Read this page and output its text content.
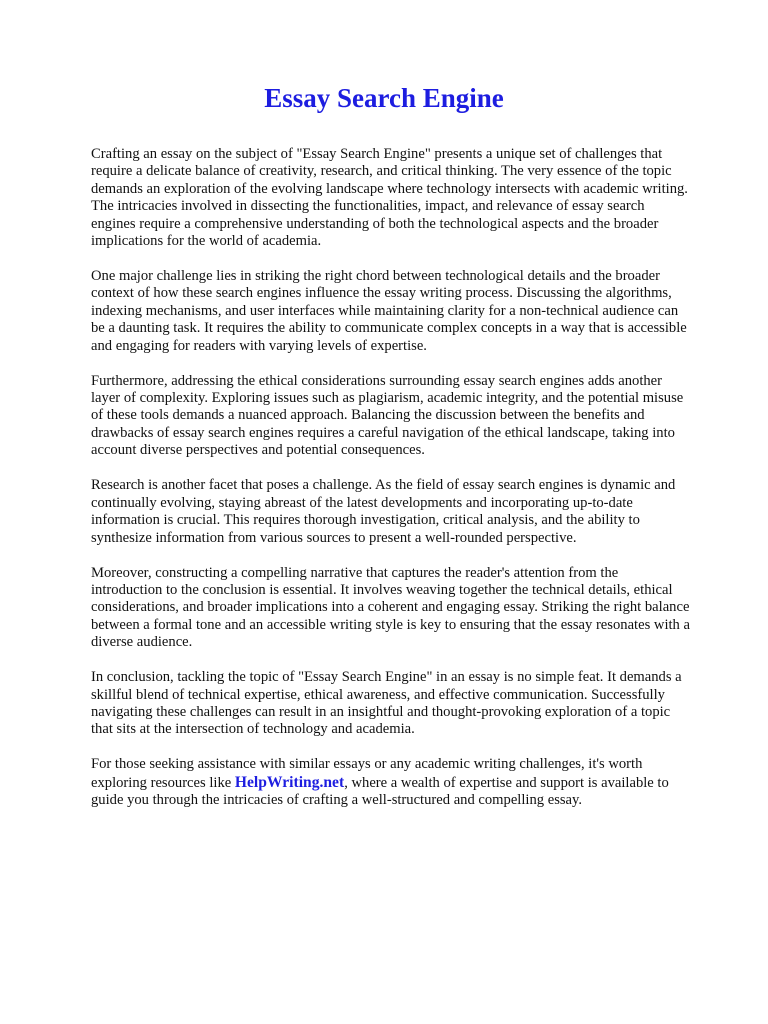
Essay Search Engine

Crafting an essay on the subject of "Essay Search Engine" presents a unique set of challenges that require a delicate balance of creativity, research, and critical thinking. The very essence of the topic demands an exploration of the evolving landscape where technology intersects with academic writing. The intricacies involved in dissecting the functionalities, impact, and relevance of essay search engines require a comprehensive understanding of both the technological aspects and the broader implications for the world of academia.

One major challenge lies in striking the right chord between technological details and the broader context of how these search engines influence the essay writing process. Discussing the algorithms, indexing mechanisms, and user interfaces while maintaining clarity for a non-technical audience can be a daunting task. It requires the ability to communicate complex concepts in a way that is accessible and engaging for readers with varying levels of expertise.

Furthermore, addressing the ethical considerations surrounding essay search engines adds another layer of complexity. Exploring issues such as plagiarism, academic integrity, and the potential misuse of these tools demands a nuanced approach. Balancing the discussion between the benefits and drawbacks of essay search engines requires a careful navigation of the ethical landscape, taking into account diverse perspectives and potential consequences.

Research is another facet that poses a challenge. As the field of essay search engines is dynamic and continually evolving, staying abreast of the latest developments and incorporating up-to-date information is crucial. This requires thorough investigation, critical analysis, and the ability to synthesize information from various sources to present a well-rounded perspective.

Moreover, constructing a compelling narrative that captures the reader's attention from the introduction to the conclusion is essential. It involves weaving together the technical details, ethical considerations, and broader implications into a coherent and engaging essay. Striking the right balance between a formal tone and an accessible writing style is key to ensuring that the essay resonates with a diverse audience.

In conclusion, tackling the topic of "Essay Search Engine" in an essay is no simple feat. It demands a skillful blend of technical expertise, ethical awareness, and effective communication. Successfully navigating these challenges can result in an insightful and thought-provoking exploration of a topic that sits at the intersection of technology and academia.

For those seeking assistance with similar essays or any academic writing challenges, it's worth exploring resources like HelpWriting.net, where a wealth of expertise and support is available to guide you through the intricacies of crafting a well-structured and compelling essay.
